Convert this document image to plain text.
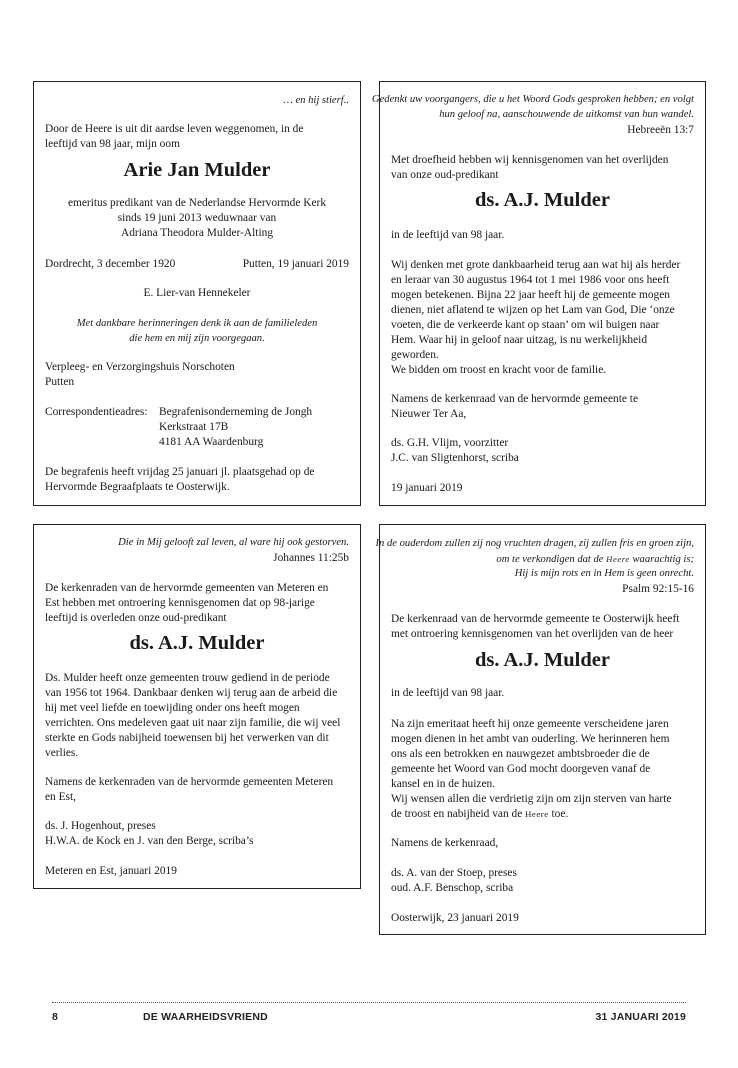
… en hij stierf..

Door de Heere is uit dit aardse leven weggenomen, in de

leeftijd van 98 jaar, mijn oom

Arie Jan Mulder

emeritus predikant van de Nederlandse Hervormde Kerk

sinds 19 juni 2013 weduwnaar van

Adriana Theodora Mulder-Alting

Dordrecht, 3 december 1920	Putten, 19 januari 2019

E. Lier-van Hennekeler

Met dankbare herinneringen denk ik aan de familieleden

die hem en mij zijn voorgegaan.

Verpleeg- en Verzorgingshuis Norschoten

Putten

Correspondentieadres: Begrafenisonderneming de Jongh

Kerkstraat 17B

4181 AA Waardenburg

De begrafenis heeft vrijdag 25 januari jl. plaatsgehad op de

Hervormde Begraafplaats te Oosterwijk.

Gedenkt uw voorgangers, die u het Woord Gods gesproken hebben; en volgt

hun geloof na, aanschouwende de uitkomst van hun wandel.

Hebreeën 13:7

Met droefheid hebben wij kennisgenomen van het overlijden

van onze oud-predikant

ds. A.J. Mulder

in de leeftijd van 98 jaar.

Wij denken met grote dankbaarheid terug aan wat hij als herder

en leraar van 30 augustus 1964 tot 1 mei 1986 voor ons heeft

mogen betekenen. Bijna 22 jaar heeft hij de gemeente mogen

dienen, niet aflatend te wijzen op het Lam van God, Die ‘onze

voeten, die de verkeerde kant op staan’ om wil buigen naar

Hem. Waar hij in geloof naar uitzag, is nu werkelijkheid

geworden.

We bidden om troost en kracht voor de familie.

Namens de kerkenraad van de hervormde gemeente te

Nieuwer Ter Aa,

ds. G.H. Vlijm, voorzitter

J.C. van Sligtenhorst, scriba

19 januari 2019

Die in Mij gelooft zal leven, al ware hij ook gestorven.

Johannes 11:25b

De kerkenraden van de hervormde gemeenten van Meteren en

Est hebben met ontroering kennisgenomen dat op 98-jarige

leeftijd is overleden onze oud-predikant

ds. A.J. Mulder

Ds. Mulder heeft onze gemeenten trouw gediend in de periode

van 1956 tot 1964. Dankbaar denken wij terug aan de arbeid die

hij met veel liefde en toewijding onder ons heeft mogen

verrichten. Ons medeleven gaat uit naar zijn familie, die wij veel

sterkte en Gods nabijheid toewensen bij het verwerken van dit

verlies.

Namens de kerkenraden van de hervormde gemeenten Meteren

en Est,

ds. J. Hogenhout, preses

H.W.A. de Kock en J. van den Berge, scriba’s

Meteren en Est, januari 2019

In de ouderdom zullen zij nog vruchten dragen, zij zullen fris en groen zijn,

om te verkondigen dat de Heere waarachtig is;

Hij is mijn rots en in Hem is geen onrecht.

Psalm 92:15-16

De kerkenraad van de hervormde gemeente te Oosterwijk heeft

met ontroering kennisgenomen van het overlijden van de heer

ds. A.J. Mulder

in de leeftijd van 98 jaar.

Na zijn emeritaat heeft hij onze gemeente verscheidene jaren

mogen dienen in het ambt van ouderling. We herinneren hem

ons als een betrokken en nauwgezet ambtsbroeder die de

gemeente het Woord van God mocht doorgeven vanaf de

kansel en in de huizen.

Wij wensen allen die verdrietig zijn om zijn sterven van harte

de troost en nabijheid van de Heere toe.

Namens de kerkenraad,

ds. A. van der Stoep, preses

oud. A.F. Benschop, scriba

Oosterwijk, 23 januari 2019

8	DE WAARHEIDSVRIEND	31 JANUARI 2019
